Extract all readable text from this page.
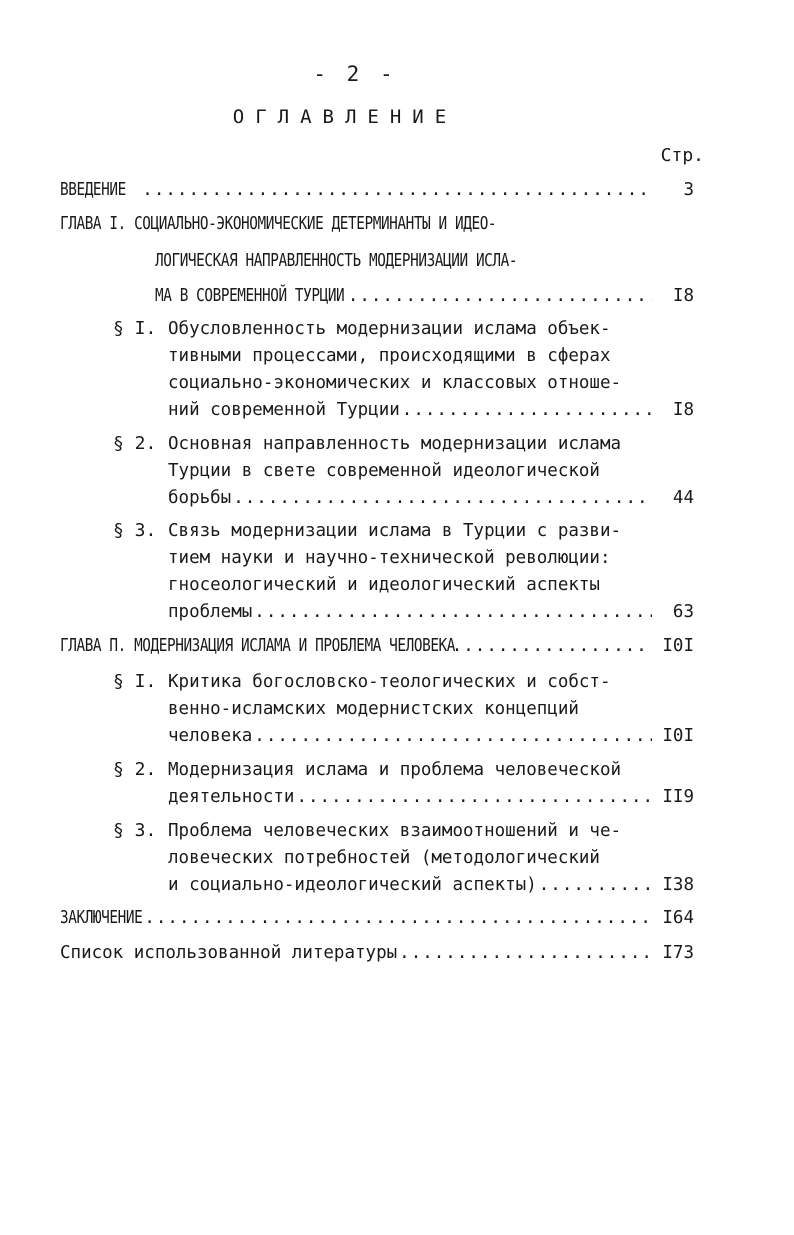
- 2 -
ОГЛАВЛЕНИЕ
Стр.
ВВЕДЕНИЕ .....	3
ГЛАВА I. СОЦИАЛЬНО-ЭКОНОМИЧЕСКИЕ ДЕТЕРМИНАНТЫ И ИДЕО-
ЛОГИЧЕСКАЯ НАПРАВЛЕННОСТЬ МОДЕРНИЗАЦИИ ИСЛА-
МА В СОВРЕМЕННОЙ ТУРЦИИ .....	I8
§ I. Обусловленность модернизации ислама объек-
тивными процессами, происходящими в сферах
социально-экономических и классовых отноше-
ний современной Турции .....	I8
§ 2. Основная направленность модернизации ислама
Турции в свете современной идеологической
борьбы .....	44
§ 3. Связь модернизации ислама в Турции с разви-
тием науки и научно-технической революции:
гносеологический и идеологический аспекты
проблемы .....	63
ГЛАВА П. МОДЕРНИЗАЦИЯ ИСЛАМА И ПРОБЛЕМА ЧЕЛОВЕКА .....	I0I
§ I. Критика богословско-теологических и собст-
венно-исламских модернистских концепций
человека .....	I0I
§ 2. Модернизация ислама и проблема человеческой
деятельности .....	II9
§ 3. Проблема человеческих взаимоотношений и че-
ловеческих потребностей (методологический
и социально-идеологический аспекты) .....	I38
ЗАКЛЮЧЕНИЕ .....	I64
Список использованной литературы .....	I73
